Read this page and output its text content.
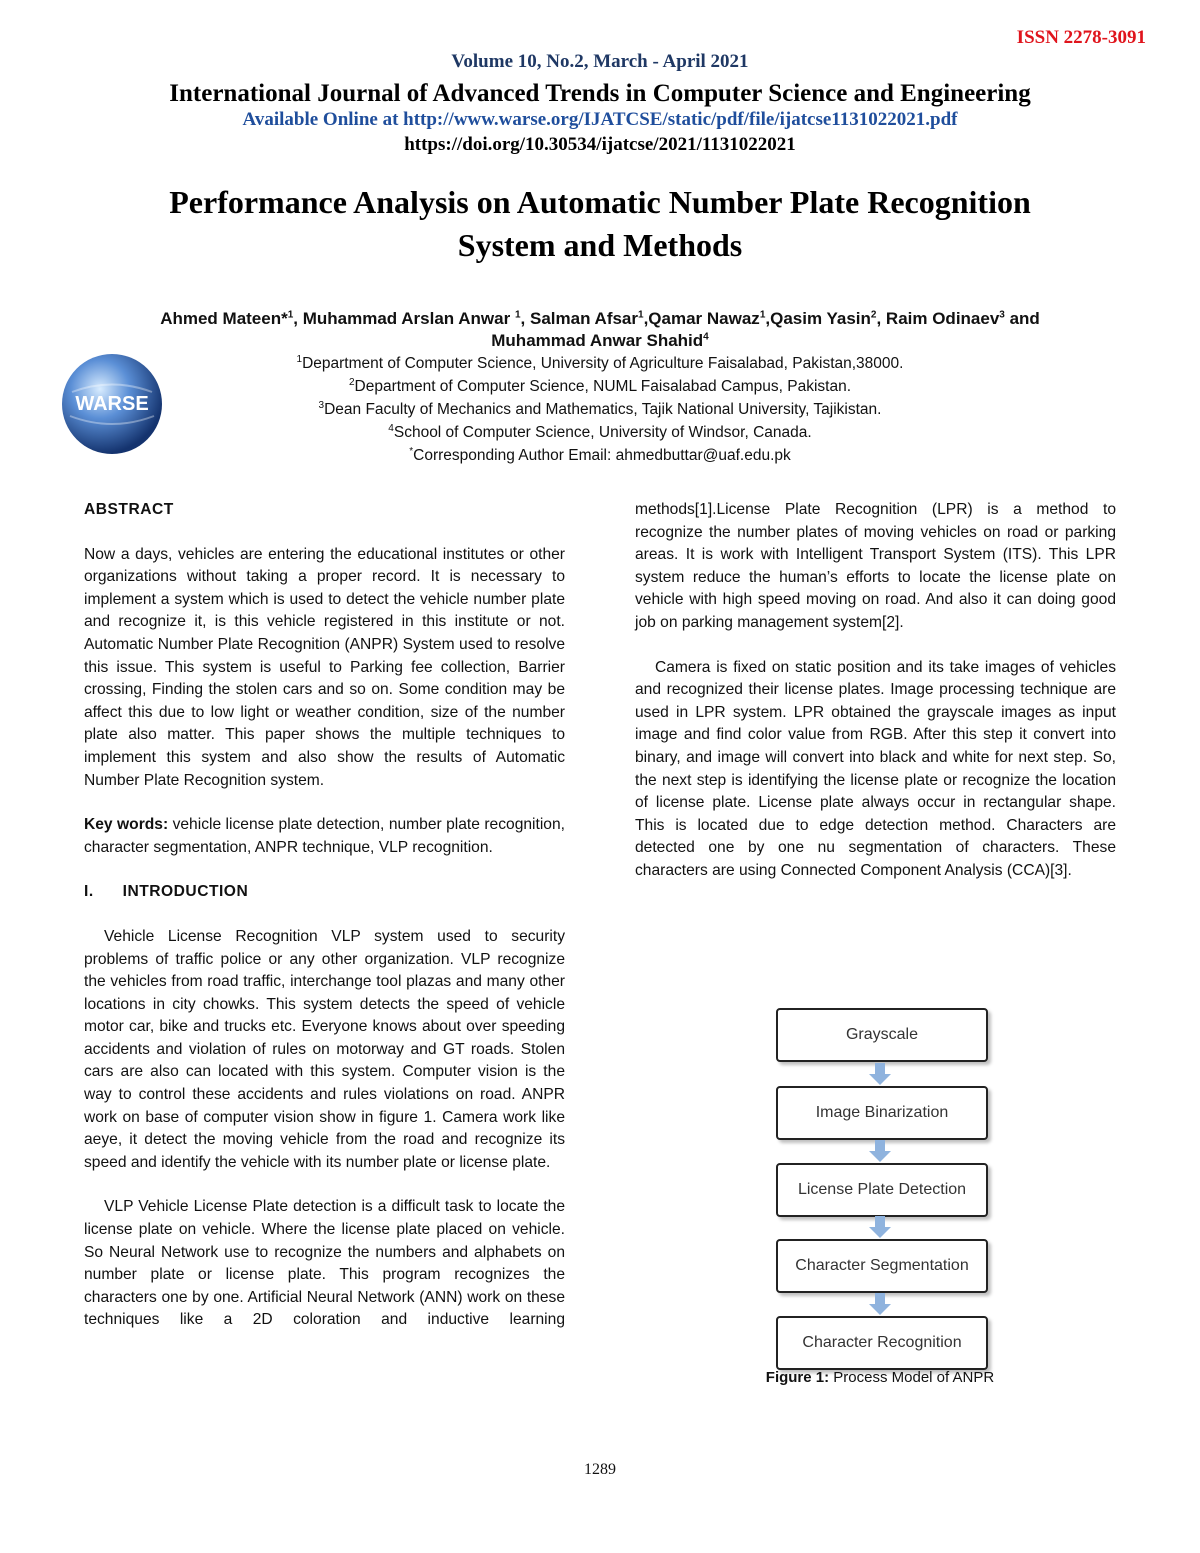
ISSN 2278-3091
Volume 10, No.2, March - April 2021
International Journal of Advanced Trends in Computer Science and Engineering
Available Online at http://www.warse.org/IJATCSE/static/pdf/file/ijatcse1131022021.pdf
https://doi.org/10.30534/ijatcse/2021/1131022021
Performance Analysis on Automatic Number Plate Recognition
System and Methods
Ahmed Mateen*$^1$, Muhammad Arslan Anwar $^1$, Salman Afsar$^1$,Qamar Nawaz$^1$,Qasim Yasin$^2$, Raim Odinaev$^3$ and
Muhammad Anwar Shahid$^4$
WARSE
$^1$Department of Computer Science, University of Agriculture Faisalabad, Pakistan,38000.
$^2$Department of Computer Science, NUML Faisalabad Campus, Pakistan.
$^3$Dean Faculty of Mechanics and Mathematics, Tajik National University, Tajikistan.
$^4$School of Computer Science, University of Windsor, Canada.
*Corresponding Author Email: ahmedbuttar@uaf.edu.pk

ABSTRACT

Now a days, vehicles are entering the educational institutes or other organizations without taking a proper record. It is necessary to implement a system which is used to detect the vehicle number plate and recognize it, is this vehicle registered in this institute or not. Automatic Number Plate Recognition (ANPR) System used to resolve this issue. This system is useful to Parking fee collection, Barrier crossing, Finding the stolen cars and so on. Some condition may be affect this due to low light or weather condition, size of the number plate also matter. This paper shows the multiple techniques to implement this system and also show the results of Automatic Number Plate Recognition system.

Key words: vehicle license plate detection, number plate recognition, character segmentation, ANPR technique, VLP recognition.

I.      INTRODUCTION

Vehicle License Recognition VLP system used to security problems of traffic police or any other organization. VLP recognize the vehicles from road traffic, interchange tool plazas and many other locations in city chowks. This system detects the speed of vehicle motor car, bike and trucks etc. Everyone knows about over speeding accidents and violation of rules on motorway and GT roads. Stolen cars are also can located with this system. Computer vision is the way to control these accidents and rules violations on road. ANPR work on base of computer vision show in figure 1. Camera work like aeye, it detect the moving vehicle from the road and recognize its speed and identify the vehicle with its number plate or license plate.

VLP Vehicle License Plate detection is a difficult task to locate the license plate on vehicle. Where the license plate placed on vehicle. So Neural Network use to recognize the numbers and alphabets on number plate or license plate. This program recognizes the characters one by one. Artificial Neural Network (ANN) work on these techniques like a 2D coloration and inductive learning

methods[1].License Plate Recognition (LPR) is a method to recognize the number plates of moving vehicles on road or parking areas. It is work with Intelligent Transport System (ITS). This LPR system reduce the human’s efforts to locate the license plate on vehicle with high speed moving on road. And also it can doing good job on parking management system[2].

Camera is fixed on static position and its take images of vehicles and recognized their license plates. Image processing technique are used in LPR system. LPR obtained the grayscale images as input image and find color value from RGB. After this step it convert into binary, and image will convert into black and white for next step. So, the next step is identifying the license plate or recognize the location of license plate. License plate always occur in rectangular shape. This is located due to edge detection method. Characters are detected one by one nu segmentation of characters. These characters are using Connected Component Analysis (CCA)[3].

Grayscale
Image Binarization
License Plate Detection
Character Segmentation
Character Recognition
Figure 1: Process Model of ANPR
1289
